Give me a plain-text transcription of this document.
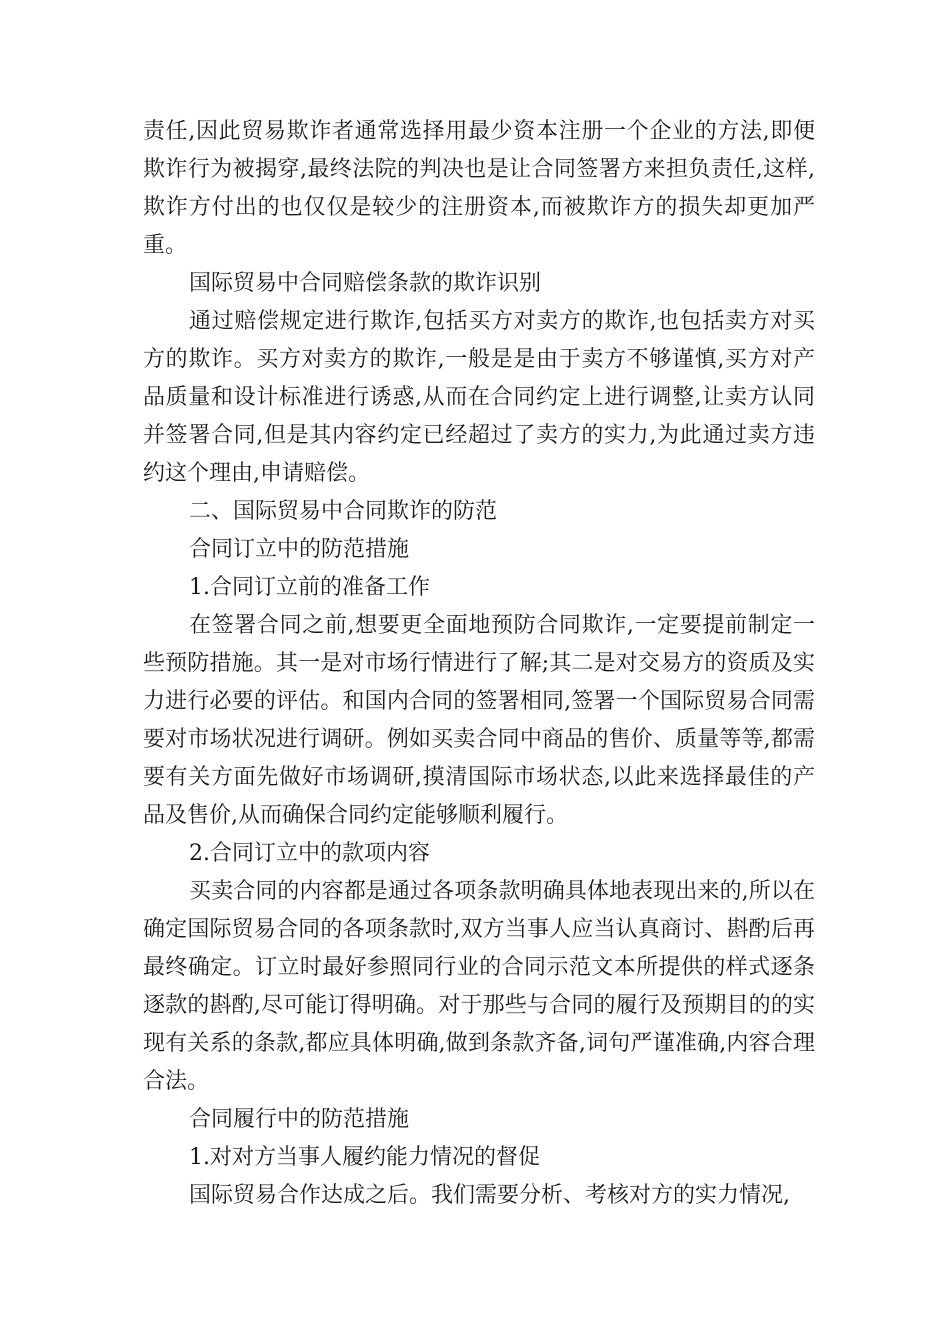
责任,因此贸易欺诈者通常选择用最少资本注册一个企业的方法,即便欺诈行为被揭穿,最终法院的判决也是让合同签署方来担负责任,这样,欺诈方付出的也仅仅是较少的注册资本,而被欺诈方的损失却更加严重。

国际贸易中合同赔偿条款的欺诈识别

通过赔偿规定进行欺诈,包括买方对卖方的欺诈,也包括卖方对买方的欺诈。买方对卖方的欺诈,一般是是由于卖方不够谨慎,买方对产品质量和设计标准进行诱惑,从而在合同约定上进行调整,让卖方认同并签署合同,但是其内容约定已经超过了卖方的实力,为此通过卖方违约这个理由,申请赔偿。

二、国际贸易中合同欺诈的防范

合同订立中的防范措施

1.合同订立前的准备工作

在签署合同之前,想要更全面地预防合同欺诈,一定要提前制定一些预防措施。其一是对市场行情进行了解;其二是对交易方的资质及实力进行必要的评估。和国内合同的签署相同,签署一个国际贸易合同需要对市场状况进行调研。例如买卖合同中商品的售价、质量等等,都需要有关方面先做好市场调研,摸清国际市场状态,以此来选择最佳的产品及售价,从而确保合同约定能够顺利履行。

2.合同订立中的款项内容

买卖合同的内容都是通过各项条款明确具体地表现出来的,所以在确定国际贸易合同的各项条款时,双方当事人应当认真商讨、斟酌后再最终确定。订立时最好参照同行业的合同示范文本所提供的样式逐条逐款的斟酌,尽可能订得明确。对于那些与合同的履行及预期目的的实现有关系的条款,都应具体明确,做到条款齐备,词句严谨准确,内容合理合法。

合同履行中的防范措施

1.对对方当事人履约能力情况的督促

国际贸易合作达成之后。我们需要分析、考核对方的实力情况,
